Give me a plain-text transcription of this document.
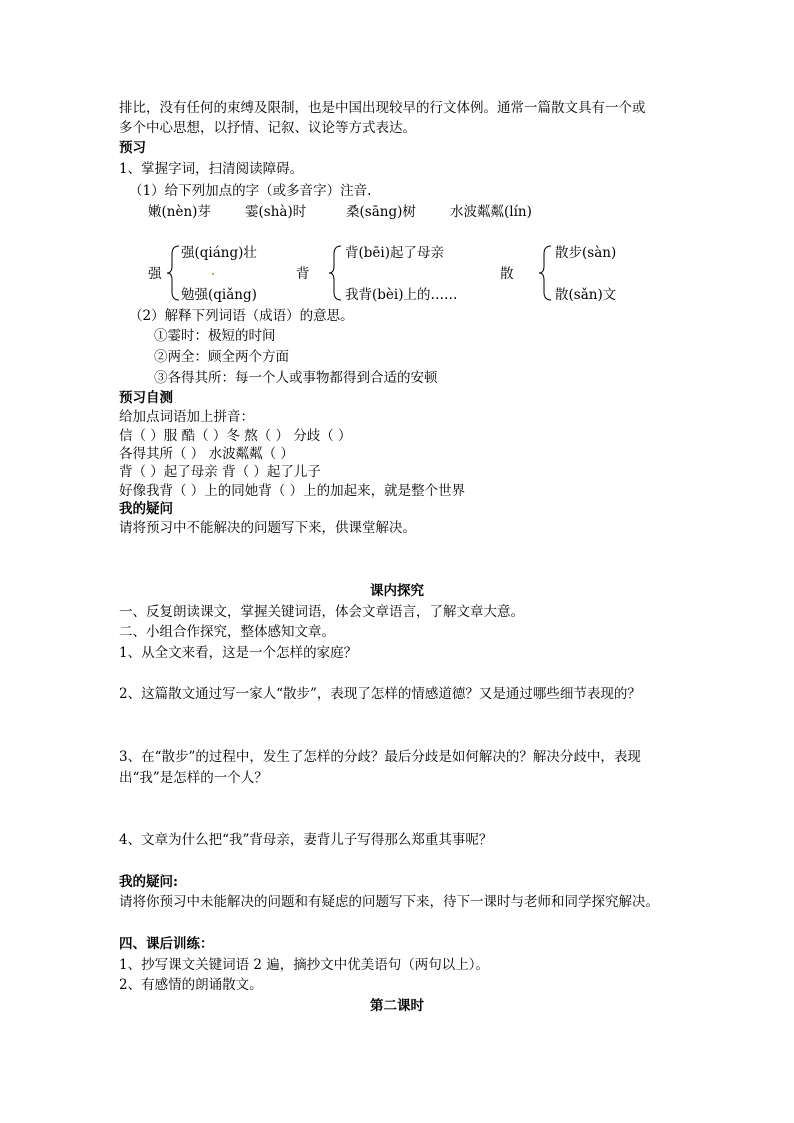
排比，没有任何的束缚及限制，也是中国出现较早的行文体例。通常一篇散文具有一个或
多个中心思想，以抒情、记叙、议论等方式表达。
预习
1、掌握字词，扫清阅读障碍。
（1）给下列加点的字（或多音字）注音.
嫩(nèn)芽	霎(shà)时	桑(sāng)树	水波粼粼(lín)
强
强(qiáng)壮
勉强(qiǎng)
背
背(bēi)起了母亲
我背(bèi)上的……
散
散步(sàn)
散(sǎn)文
（2）解释下列词语（成语）的意思。
①霎时：极短的时间
②两全：顾全两个方面
③各得其所：每一个人或事物都得到合适的安顿
预习自测
给加点词语加上拼音：
信（ ）服 酷（ ）冬 熬（ ） 分歧（ ）
各得其所（ ） 水波粼粼（ ）
背（ ）起了母亲 背（ ）起了儿子
好像我背（ ）上的同她背（ ）上的加起来，就是整个世界
我的疑问
请将预习中不能解决的问题写下来，供课堂解决。
课内探究
一、反复朗读课文，掌握关键词语，体会文章语言，了解文章大意。
二、小组合作探究，整体感知文章。
1、从全文来看，这是一个怎样的家庭？
2、这篇散文通过写一家人“散步”，表现了怎样的情感道德？又是通过哪些细节表现的？
3、在“散步”的过程中，发生了怎样的分歧？最后分歧是如何解决的？解决分歧中，表现
出“我”是怎样的一个人？
4、文章为什么把“我”背母亲，妻背儿子写得那么郑重其事呢？
我的疑问:
请将你预习中未能解决的问题和有疑虑的问题写下来，待下一课时与老师和同学探究解决。
四、课后训练：
1、抄写课文关键词语 2 遍，摘抄文中优美语句（两句以上）。
2、有感情的朗诵散文。
第二课时
